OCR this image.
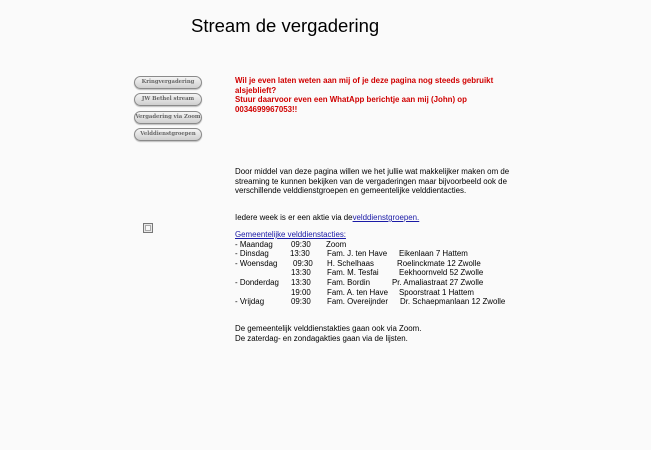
Stream de vergadering
Kringvergadering
JW Bethel stream
Vergadering via Zoom
Velddienstgroepen

Wil je even laten weten aan mij of je deze pagina nog steeds gebruikt alsjeblieft?
Stuur daarvoor even een WhatApp berichtje aan mij (John) op 0034699967053!!

Door middel van deze pagina willen we het jullie wat makkelijker maken om de streaming te kunnen bekijken van de vergaderingen maar bijvoorbeeld ook de verschillende velddienstgroepen en gemeentelijke velddientacties.

Iedere week is er een aktie via develddienstgroepen.

Gemeentelijke velddienstacties:
- Maandag 09:30 Zoom
- Dinsdag	13:30 Fam. J. ten Have Eikenlaan 7 Hattem
- Woensdag 09:30 H. Schelhaas	Roelinckmate 12 Zwolle
13:30 Fam. M. Tesfai	Eekhoornveld 52 Zwolle
- Donderdag 13:30 Fam. Bordin	Pr. Amaliastraat 27 Zwolle
19:00 Fam. A. ten Have Spoorstraat 1 Hattem
- Vrijdag	09:30 Fam. Overeijnder Dr. Schaepmanlaan 12 Zwolle

De gemeentelijk velddienstakties gaan ook via Zoom.
De zaterdag- en zondagakties gaan via de lijsten.
